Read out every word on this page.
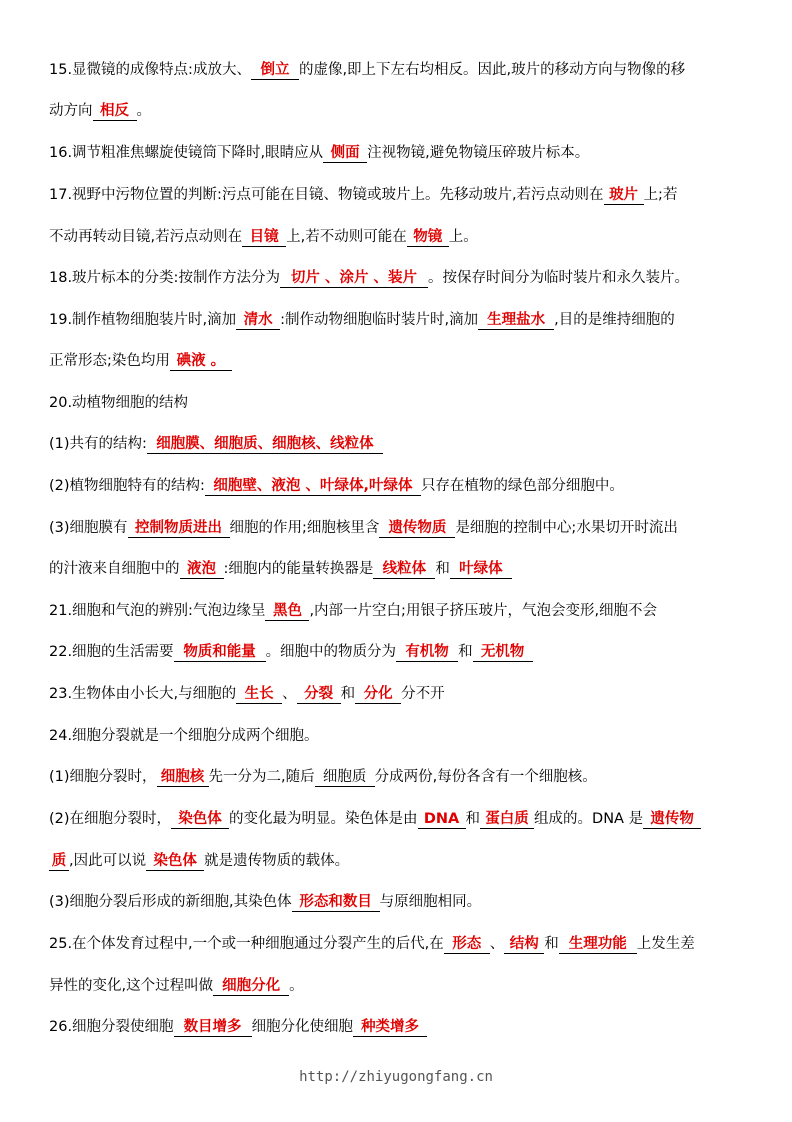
15.显微镜的成像特点:成放大、 倒立 的虚像,即上下左右均相反。因此,玻片的移动方向与物像的移
动方向 相反 。
16.调节粗准焦螺旋使镜筒下降时,眼睛应从 侧面 注视物镜,避免物镜压碎玻片标本。
17.视野中污物位置的判断:污点可能在目镜、物镜或玻片上。先移动玻片,若污点动则在 玻片 上;若
不动再转动目镜,若污点动则在 目镜 上,若不动则可能在 物镜 上。
18.玻片标本的分类:按制作方法分为 切片 、涂片 、装片 。按保存时间分为临时装片和永久装片。
19.制作植物细胞装片时,滴加 清水 :制作动物细胞临时装片时,滴加 生理盐水 ,目的是维持细胞的
正常形态;染色均用 碘液 。
20.动植物细胞的结构
(1)共有的结构: 细胞膜、细胞质、细胞核、线粒体
(2)植物细胞特有的结构: 细胞壁、液泡 、叶绿体,叶绿体 只存在植物的绿色部分细胞中。
(3)细胞膜有 控制物质进出 细胞的作用;细胞核里含 遗传物质 是细胞的控制中心;水果切开时流出
的汁液来自细胞中的 液泡 :细胞内的能量转换器是 线粒体 和 叶绿体
21.细胞和气泡的辨别:气泡边缘呈 黑色 ,内部一片空白;用银子挤压玻片，气泡会变形,细胞不会
22.细胞的生活需要 物质和能量 。细胞中的物质分为 有机物 和 无机物
23.生物体由小长大,与细胞的 生长 、 分裂 和 分化 分不开
24.细胞分裂就是一个细胞分成两个细胞。
(1)细胞分裂时， 细胞核 先一分为二,随后 细胞质 分成两份,每份各含有一个细胞核。
(2)在细胞分裂时， 染色体 的变化最为明显。染色体是由 DNA 和 蛋白质 组成的。DNA 是 遗传物
质 ,因此可以说 染色体 就是遗传物质的载体。
(3)细胞分裂后形成的新细胞,其染色体 形态和数目 与原细胞相同。
25.在个体发育过程中,一个或一种细胞通过分裂产生的后代,在 形态 、 结构 和 生理功能 上发生差
异性的变化,这个过程叫做 细胞分化 。
26.细胞分裂使细胞 数目增多 细胞分化使细胞 种类增多
http://zhiyugongfang.cn
